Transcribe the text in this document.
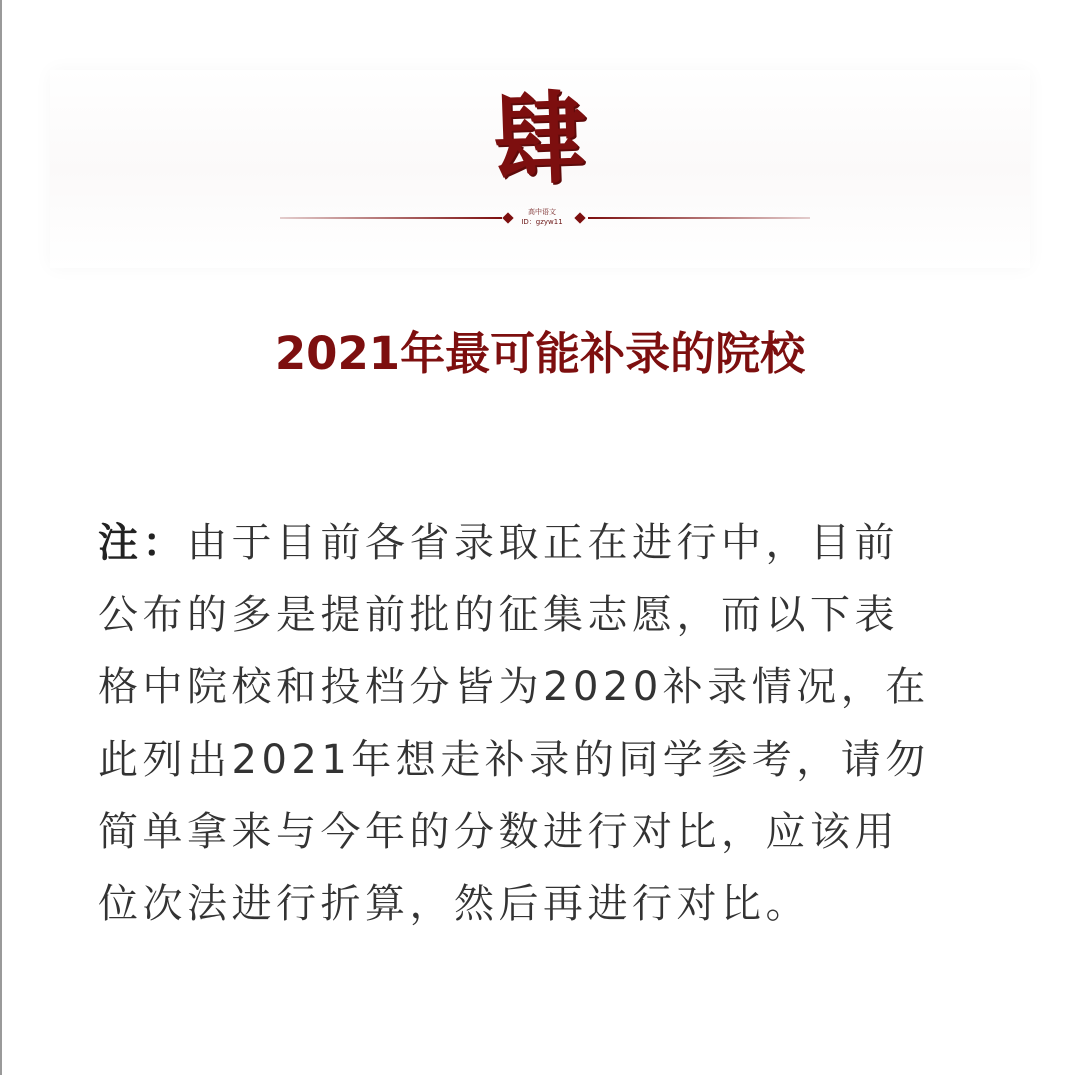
肆
高中语文
ID：gzyw11
2021年最可能补录的院校
注：由于目前各省录取正在进行中，目前
公布的多是提前批的征集志愿，而以下表
格中院校和投档分皆为2020补录情况，在
此列出2021年想走补录的同学参考，请勿
简单拿来与今年的分数进行对比，应该用
位次法进行折算，然后再进行对比。
